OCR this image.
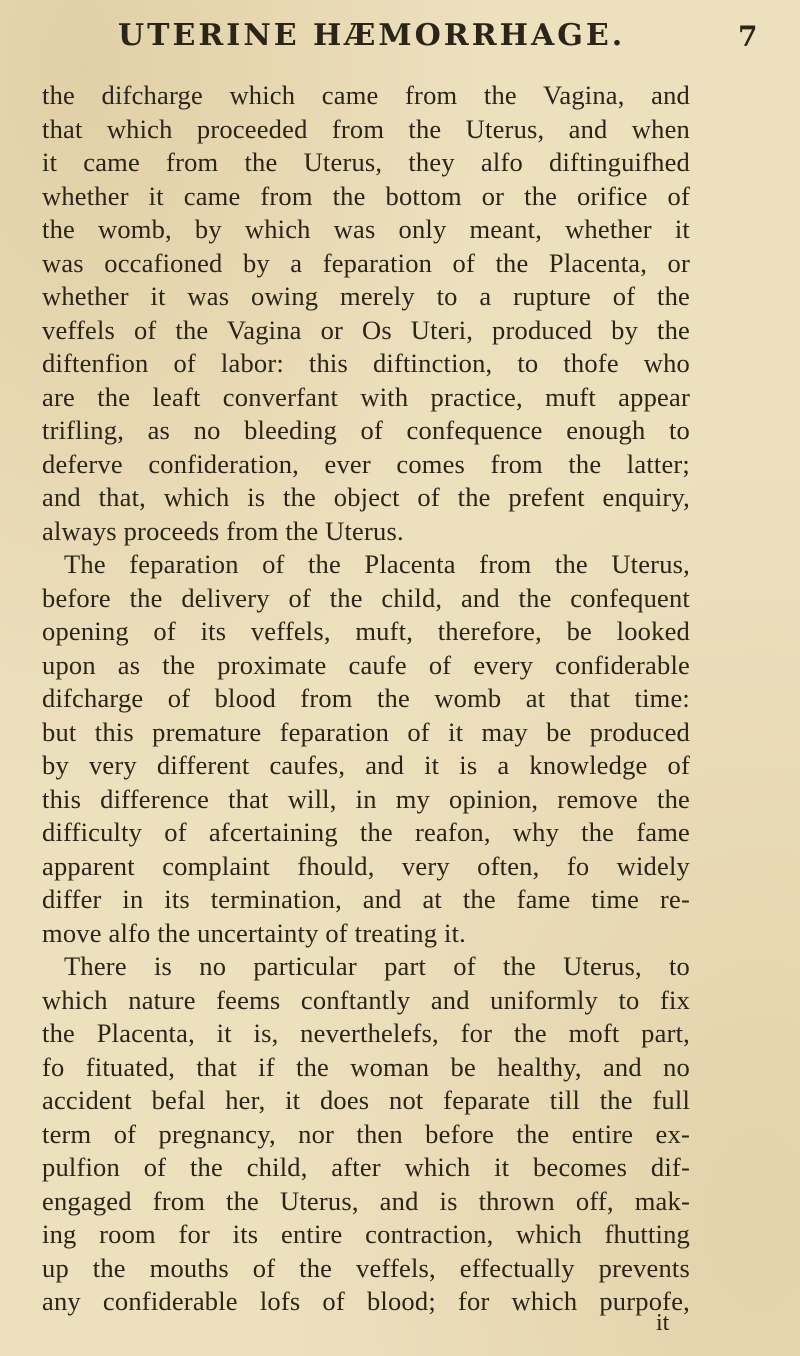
UTERINE HÆMORRHAGE.	7
the difcharge which came from the Vagina, and
that which proceeded from the Uterus, and when
it came from the Uterus, they alfo diftinguifhed
whether it came from the bottom or the orifice of
the womb, by which was only meant, whether it
was occafioned by a feparation of the Placenta, or
whether it was owing merely to a rupture of the
veffels of the Vagina or Os Uteri, produced by the
diftenfion of labor: this diftinction, to thofe who
are the leaft converfant with practice, muft appear
trifling, as no bleeding of confequence enough to
deferve confideration, ever comes from the latter;
and that, which is the object of the prefent enquiry,
always proceeds from the Uterus.
The feparation of the Placenta from the Uterus,
before the delivery of the child, and the confequent
opening of its veffels, muft, therefore, be looked
upon as the proximate caufe of every confiderable
difcharge of blood from the womb at that time:
but this premature feparation of it may be produced
by very different caufes, and it is a knowledge of
this difference that will, in my opinion, remove the
difficulty of afcertaining the reafon, why the fame
apparent complaint fhould, very often, fo widely
differ in its termination, and at the fame time re-
move alfo the uncertainty of treating it.
There is no particular part of the Uterus, to
which nature feems conftantly and uniformly to fix
the Placenta, it is, neverthelefs, for the moft part,
fo fituated, that if the woman be healthy, and no
accident befal her, it does not feparate till the full
term of pregnancy, nor then before the entire ex-
pulfion of the child, after which it becomes dif-
engaged from the Uterus, and is thrown off, mak-
ing room for its entire contraction, which fhutting
up the mouths of the veffels, effectually prevents
any confiderable lofs of blood; for which purpofe,
it
